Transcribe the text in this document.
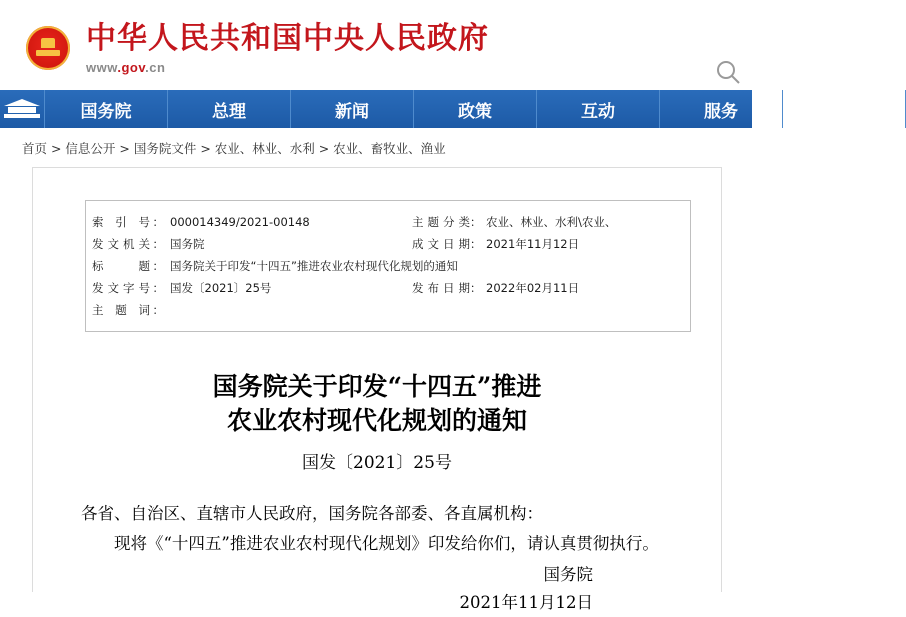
中华人民共和国中央人民政府
www.gov.cn
国务院	总理	新闻	政策	互动	服务	数据
首页 > 信息公开 > 国务院文件 > 农业、林业、水利 > 农业、畜牧业、渔业
索引号：	000014349/2021-00148	主题分类：	农业、林业、水利\农业、
发文机关：	国务院	成文日期：	2021年11月12日
标题：	国务院关于印发“十四五”推进农业农村现代化规划的通知		
发文字号：	国发〔2021〕25号	发布日期：	2022年02月11日
主题词：			
国务院关于印发“十四五”推进
农业农村现代化规划的通知
国发〔2021〕25号

各省、自治区、直辖市人民政府，国务院各部委、各直属机构：

现将《“十四五”推进农业农村现代化规划》印发给你们，请认真贯彻执行。

国务院
2021年11月12日
